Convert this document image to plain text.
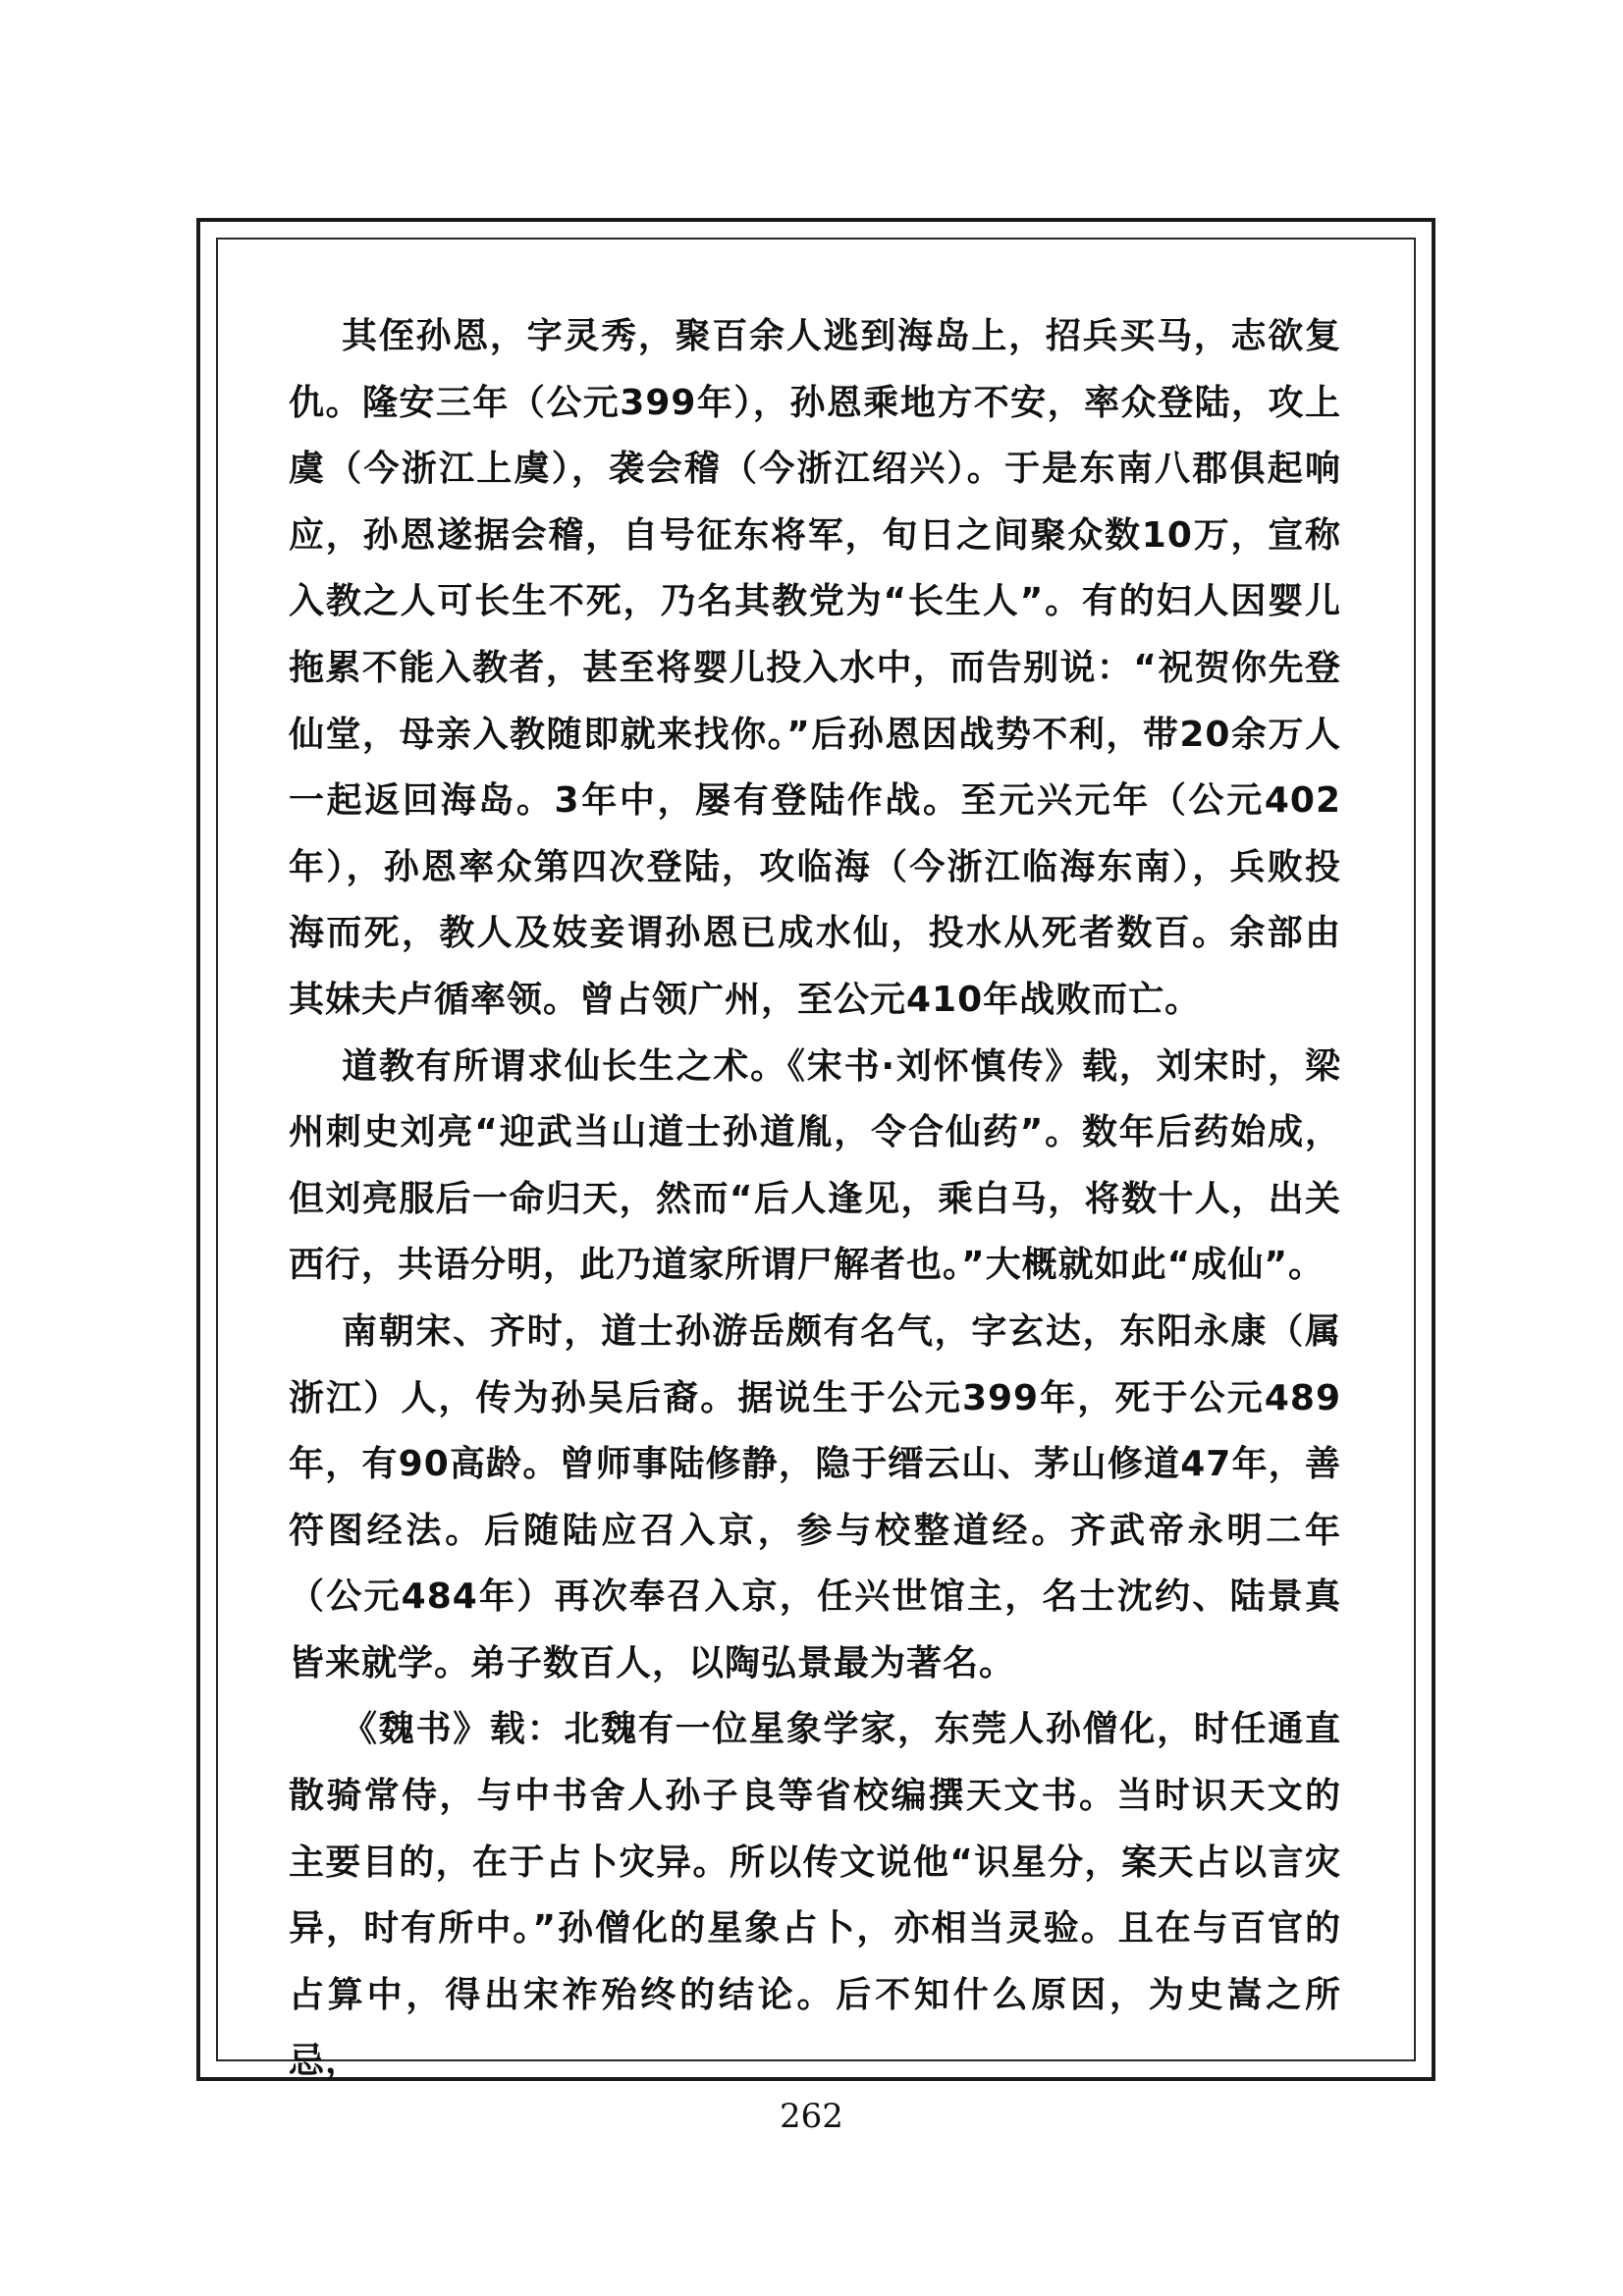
其侄孙恩，字灵秀，聚百余人逃到海岛上，招兵买马，志欲复仇。隆安三年（公元399年），孙恩乘地方不安，率众登陆，攻上虞（今浙江上虞），袭会稽（今浙江绍兴）。于是东南八郡俱起响应，孙恩遂据会稽，自号征东将军，旬日之间聚众数10万，宣称入教之人可长生不死，乃名其教党为“长生人”。有的妇人因婴儿拖累不能入教者，甚至将婴儿投入水中，而告别说：“祝贺你先登仙堂，母亲入教随即就来找你。”后孙恩因战势不利，带20余万人一起返回海岛。3年中，屡有登陆作战。至元兴元年（公元402年），孙恩率众第四次登陆，攻临海（今浙江临海东南），兵败投海而死，教人及妓妾谓孙恩已成水仙，投水从死者数百。余部由其妹夫卢循率领。曾占领广州，至公元410年战败而亡。

道教有所谓求仙长生之术。《宋书·刘怀慎传》载，刘宋时，梁州刺史刘亮“迎武当山道士孙道胤，令合仙药”。数年后药始成，但刘亮服后一命归天，然而“后人逢见，乘白马，将数十人，出关西行，共语分明，此乃道家所谓尸解者也。”大概就如此“成仙”。

南朝宋、齐时，道士孙游岳颇有名气，字玄达，东阳永康（属浙江）人，传为孙吴后裔。据说生于公元399年，死于公元489年，有90高龄。曾师事陆修静，隐于缙云山、茅山修道47年，善符图经法。后随陆应召入京，参与校整道经。齐武帝永明二年（公元484年）再次奉召入京，任兴世馆主，名士沈约、陆景真皆来就学。弟子数百人，以陶弘景最为著名。

《魏书》载：北魏有一位星象学家，东莞人孙僧化，时任通直散骑常侍，与中书舍人孙子良等省校编撰天文书。当时识天文的主要目的，在于占卜灾异。所以传文说他“识星分，案天占以言灾异，时有所中。”孙僧化的星象占卜，亦相当灵验。且在与百官的占算中，得出宋祚殆终的结论。后不知什么原因，为史嵩之所忌，

262
